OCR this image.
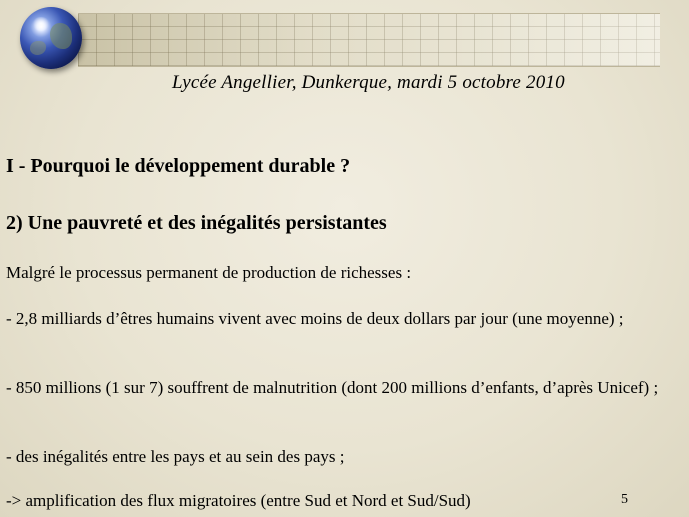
Lycée Angellier, Dunkerque, mardi 5 octobre 2010
I - Pourquoi le développement durable ?
2) Une pauvreté et des inégalités persistantes
Malgré le processus permanent de production de richesses :
- 2,8 milliards d’êtres humains vivent avec moins de deux dollars par jour (une moyenne) ;
- 850 millions (1 sur 7) souffrent de malnutrition (dont 200 millions d’enfants, d’après Unicef) ;
- des inégalités entre les pays et au sein des pays ;
-> amplification des flux migratoires (entre Sud et Nord et Sud/Sud)	5
